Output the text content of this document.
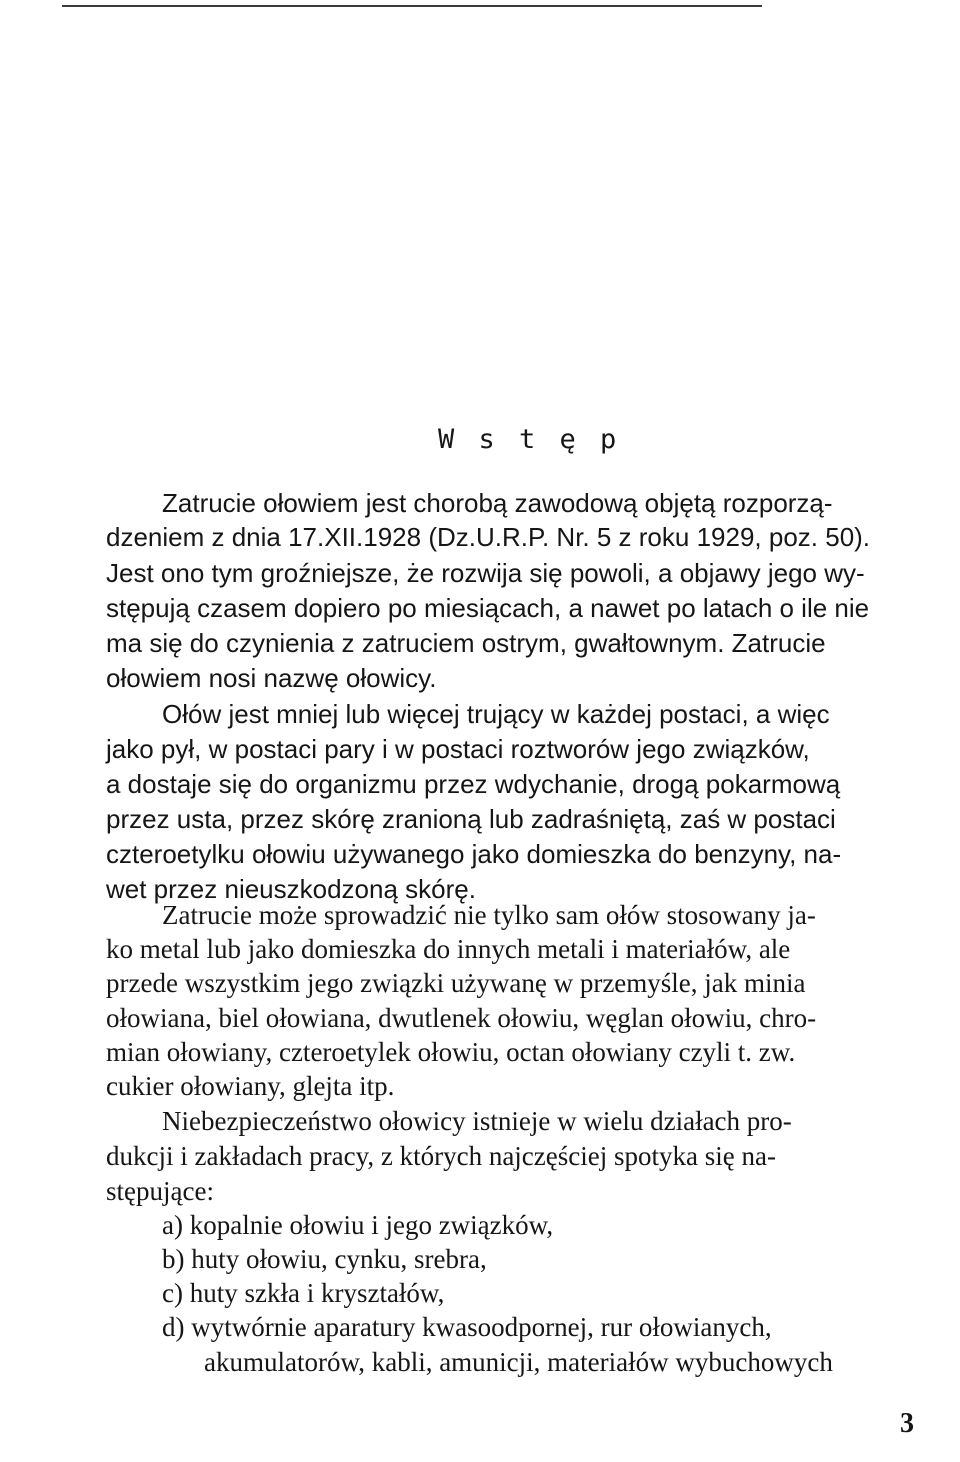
W s t ę p

Zatrucie ołowiem jest chorobą zawodową objętą rozporzą-

dzeniem z dnia 17.XII.1928 (Dz.U.R.P. Nr. 5 z roku 1929, poz. 50).

Jest ono tym groźniejsze, że rozwija się powoli, a objawy jego wy-

stępują czasem dopiero po miesiącach, a nawet po latach o ile nie

ma się do czynienia z zatruciem ostrym, gwałtownym. Zatrucie

ołowiem nosi nazwę ołowicy.

Ołów jest mniej lub więcej trujący w każdej postaci, a więc

jako pył, w postaci pary i w postaci roztworów jego związków,

a dostaje się do organizmu przez wdychanie, drogą pokarmową

przez usta, przez skórę zranioną lub zadraśniętą, zaś w postaci

czteroetylku ołowiu używanego jako domieszka do benzyny, na-

wet przez nieuszkodzoną skórę.

Zatrucie może sprowadzić nie tylko sam ołów stosowany ja-

ko metal lub jako domieszka do innych metali i materiałów, ale

przede wszystkim jego związki używanę w przemyśle, jak minia

ołowiana, biel ołowiana, dwutlenek ołowiu, węglan ołowiu, chro-

mian ołowiany, czteroetylek ołowiu, octan ołowiany czyli t. zw.

cukier ołowiany, glejta itp.

Niebezpieczeństwo ołowicy istnieje w wielu działach pro-

dukcji i zakładach pracy, z których najczęściej spotyka się na-

stępujące:

a) kopalnie ołowiu i jego związków,
b) huty ołowiu, cynku, srebra,
c) huty szkła i kryształów,
d) wytwórnie aparatury kwasoodpornej, rur ołowianych,

akumulatorów, kabli, amunicji, materiałów wybuchowych

3
